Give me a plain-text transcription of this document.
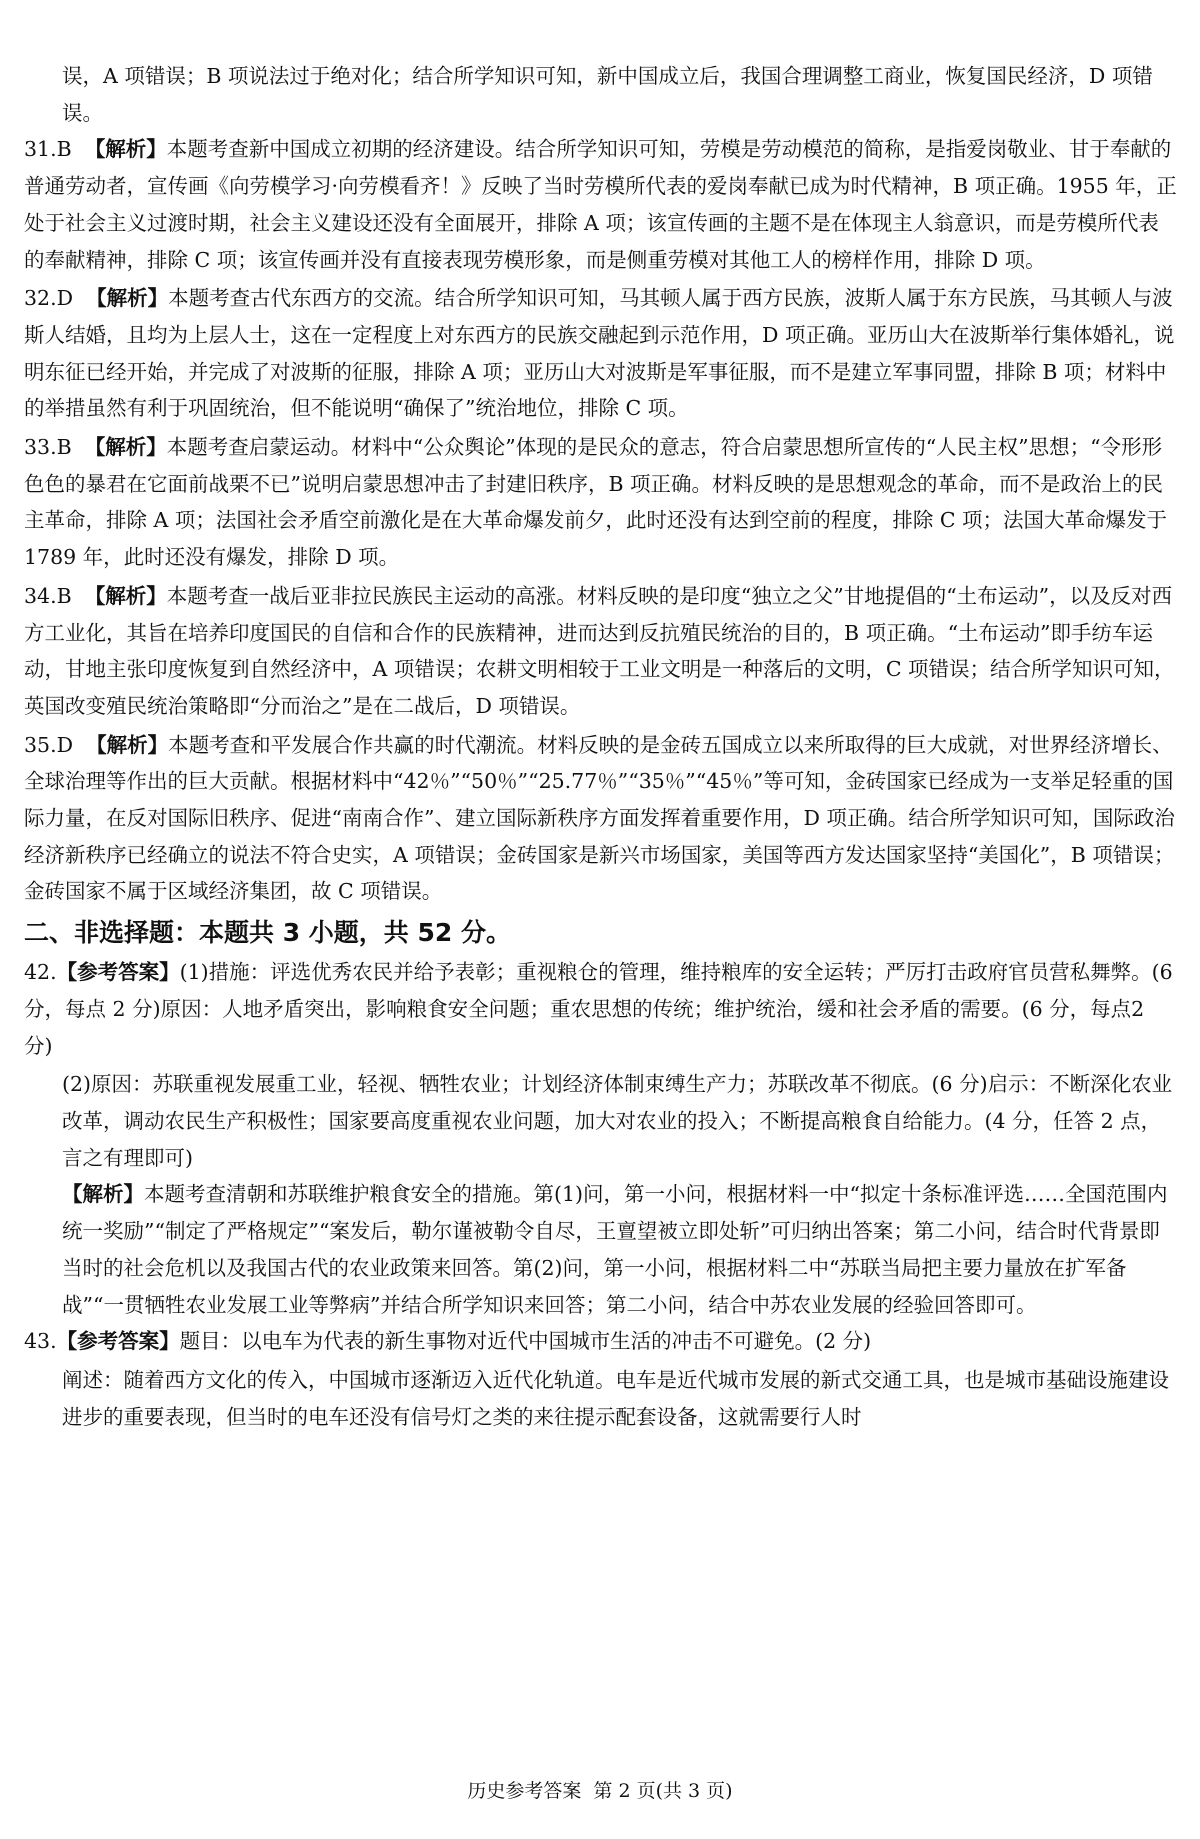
误，A 项错误；B 项说法过于绝对化；结合所学知识可知，新中国成立后，我国合理调整工商业，恢复国民经济，D 项错误。
31.B 【解析】本题考查新中国成立初期的经济建设。结合所学知识可知，劳模是劳动模范的简称，是指爱岗敬业、甘于奉献的普通劳动者，宣传画《向劳模学习·向劳模看齐！》反映了当时劳模所代表的爱岗奉献已成为时代精神，B 项正确。1955 年，正处于社会主义过渡时期，社会主义建设还没有全面展开，排除 A 项；该宣传画的主题不是在体现主人翁意识，而是劳模所代表的奉献精神，排除 C 项；该宣传画并没有直接表现劳模形象，而是侧重劳模对其他工人的榜样作用，排除 D 项。
32.D 【解析】本题考查古代东西方的交流。结合所学知识可知，马其顿人属于西方民族，波斯人属于东方民族，马其顿人与波斯人结婚，且均为上层人士，这在一定程度上对东西方的民族交融起到示范作用，D 项正确。亚历山大在波斯举行集体婚礼，说明东征已经开始，并完成了对波斯的征服，排除 A 项；亚历山大对波斯是军事征服，而不是建立军事同盟，排除 B 项；材料中的举措虽然有利于巩固统治，但不能说明“确保了”统治地位，排除 C 项。
33.B 【解析】本题考查启蒙运动。材料中“公众舆论”体现的是民众的意志，符合启蒙思想所宣传的“人民主权”思想；“令形形色色的暴君在它面前战栗不已”说明启蒙思想冲击了封建旧秩序，B 项正确。材料反映的是思想观念的革命，而不是政治上的民主革命，排除 A 项；法国社会矛盾空前激化是在大革命爆发前夕，此时还没有达到空前的程度，排除 C 项；法国大革命爆发于 1789 年，此时还没有爆发，排除 D 项。
34.B 【解析】本题考查一战后亚非拉民族民主运动的高涨。材料反映的是印度“独立之父”甘地提倡的“土布运动”，以及反对西方工业化，其旨在培养印度国民的自信和合作的民族精神，进而达到反抗殖民统治的目的，B 项正确。“土布运动”即手纺车运动，甘地主张印度恢复到自然经济中，A 项错误；农耕文明相较于工业文明是一种落后的文明，C 项错误；结合所学知识可知，英国改变殖民统治策略即“分而治之”是在二战后，D 项错误。
35.D 【解析】本题考查和平发展合作共赢的时代潮流。材料反映的是金砖五国成立以来所取得的巨大成就，对世界经济增长、全球治理等作出的巨大贡献。根据材料中“42％”“50％”“25.77％”“35％”“45％”等可知，金砖国家已经成为一支举足轻重的国际力量，在反对国际旧秩序、促进“南南合作”、建立国际新秩序方面发挥着重要作用，D 项正确。结合所学知识可知，国际政治经济新秩序已经确立的说法不符合史实，A 项错误；金砖国家是新兴市场国家，美国等西方发达国家坚持“美国化”，B 项错误；金砖国家不属于区域经济集团，故 C 项错误。
二、非选择题：本题共 3 小题，共 52 分。
42.【参考答案】(1)措施：评选优秀农民并给予表彰；重视粮仓的管理，维持粮库的安全运转；严厉打击政府官员营私舞弊。(6 分，每点 2 分)原因：人地矛盾突出，影响粮食安全问题；重农思想的传统；维护统治，缓和社会矛盾的需要。(6 分，每点2 分)
(2)原因：苏联重视发展重工业，轻视、牺牲农业；计划经济体制束缚生产力；苏联改革不彻底。(6 分)启示：不断深化农业改革，调动农民生产积极性；国家要高度重视农业问题，加大对农业的投入；不断提高粮食自给能力。(4 分，任答 2 点，言之有理即可)
【解析】本题考查清朝和苏联维护粮食安全的措施。第(1)问，第一小问，根据材料一中“拟定十条标准评选……全国范围内统一奖励”“制定了严格规定”“案发后，勒尔谨被勒令自尽，王亶望被立即处斩”可归纳出答案；第二小问，结合时代背景即当时的社会危机以及我国古代的农业政策来回答。第(2)问，第一小问，根据材料二中“苏联当局把主要力量放在扩军备战”“一贯牺牲农业发展工业等弊病”并结合所学知识来回答；第二小问，结合中苏农业发展的经验回答即可。
43.【参考答案】题目：以电车为代表的新生事物对近代中国城市生活的冲击不可避免。(2 分)
阐述：随着西方文化的传入，中国城市逐渐迈入近代化轨道。电车是近代城市发展的新式交通工具，也是城市基础设施建设进步的重要表现，但当时的电车还没有信号灯之类的来往提示配套设备，这就需要行人时
历史参考答案 第 2 页(共 3 页)
